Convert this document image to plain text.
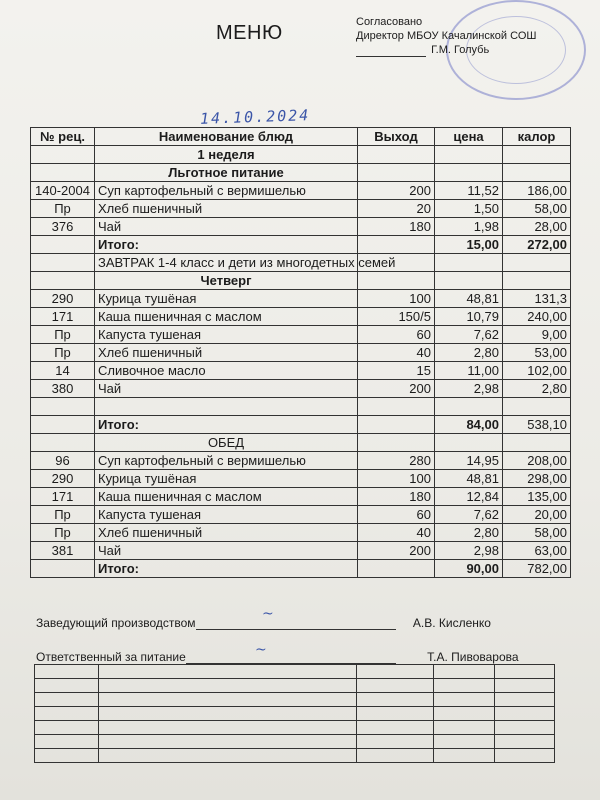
МЕНЮ	Согласовано
Директор МБОУ Качалинской СОШ
Г.М. Голубь
14.10.2024
№ рец.	Наименование блюд	Выход	цена	калор
	1 неделя			
	Льготное питание			
140-2004	Суп картофельный с вермишелью	200	11,52	186,00
Пр	Хлеб пшеничный	20	1,50	58,00
376	Чай	180	1,98	28,00
	Итого:		15,00	272,00
	ЗАВТРАК 1-4 класс и дети из многодетных семей			
	Четверг			
290	Курица тушёная	100	48,81	131,3
171	Каша пшеничная с маслом	150/5	10,79	240,00
Пр	Капуста тушеная	60	7,62	9,00
Пр	Хлеб пшеничный	40	2,80	53,00
14	Сливочное масло	15	11,00	102,00
380	Чай	200	2,98	2,80

	Итого:		84,00	538,10
	ОБЕД			
96	Суп картофельный с вермишелью	280	14,95	208,00
290	Курица тушёная	100	48,81	298,00
171	Каша пшеничная с маслом	180	12,84	135,00
Пр	Капуста тушеная	60	7,62	20,00
Пр	Хлеб пшеничный	40	2,80	58,00
381	Чай	200	2,98	63,00
	Итого:		90,00	782,00
Заведующий производством	А.В. Кисленко
~
Ответственный за питание	Т.А. Пивоварова
~
